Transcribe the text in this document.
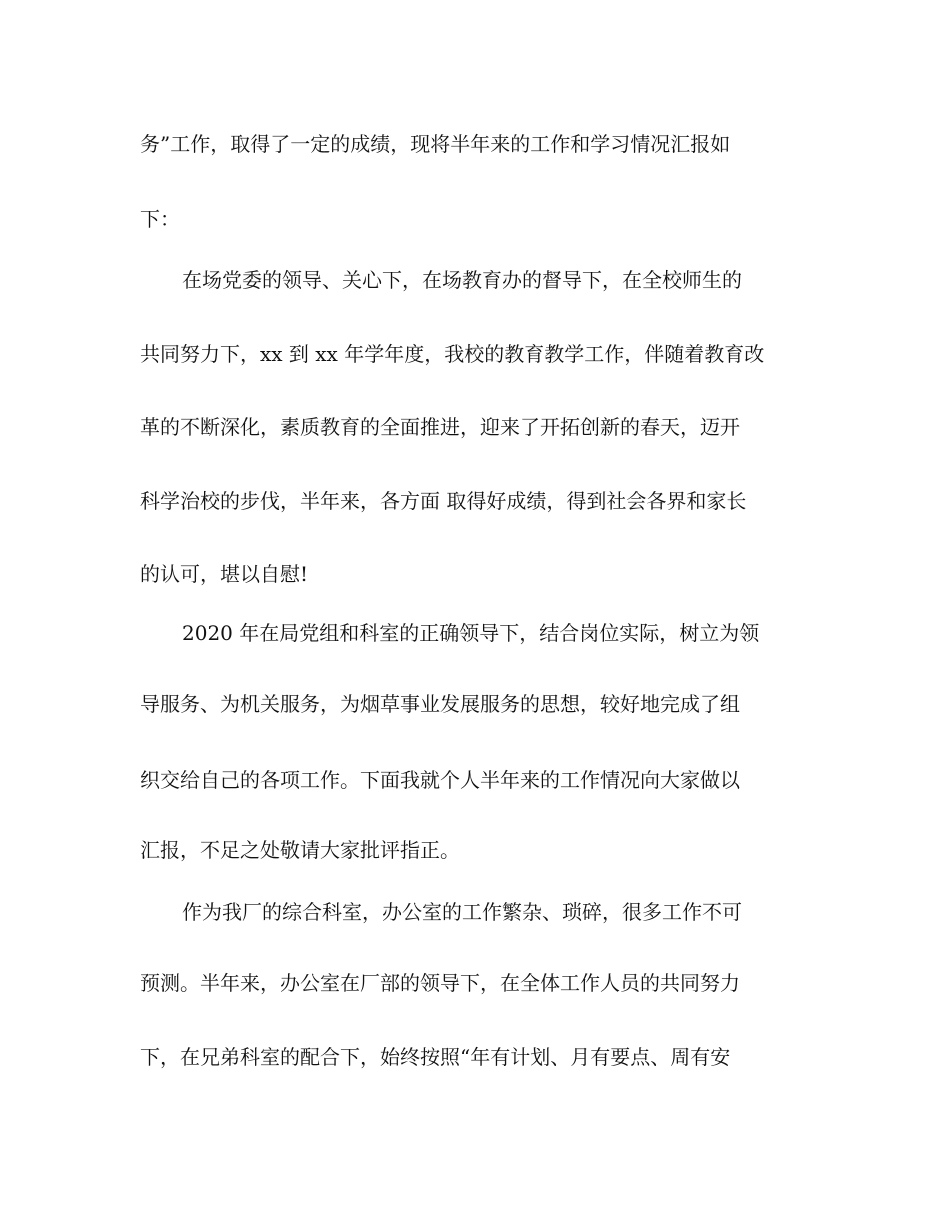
务”工作，取得了一定的成绩，现将半年来的工作和学习情况汇报如

下：

在场党委的领导、关心下，在场教育办的督导下，在全校师生的

共同努力下，xx 到 xx 年学年度，我校的教育教学工作，伴随着教育改

革的不断深化，素质教育的全面推进，迎来了开拓创新的春天，迈开

科学治校的步伐，半年来，各方面 取得好成绩，得到社会各界和家长

的认可，堪以自慰!

2020 年在局党组和科室的正确领导下，结合岗位实际，树立为领

导服务、为机关服务，为烟草事业发展服务的思想，较好地完成了组

织交给自己的各项工作。下面我就个人半年来的工作情况向大家做以

汇报，不足之处敬请大家批评指正。

作为我厂的综合科室，办公室的工作繁杂、琐碎，很多工作不可

预测。半年来，办公室在厂部的领导下，在全体工作人员的共同努力

下，在兄弟科室的配合下，始终按照“年有计划、月有要点、周有安
